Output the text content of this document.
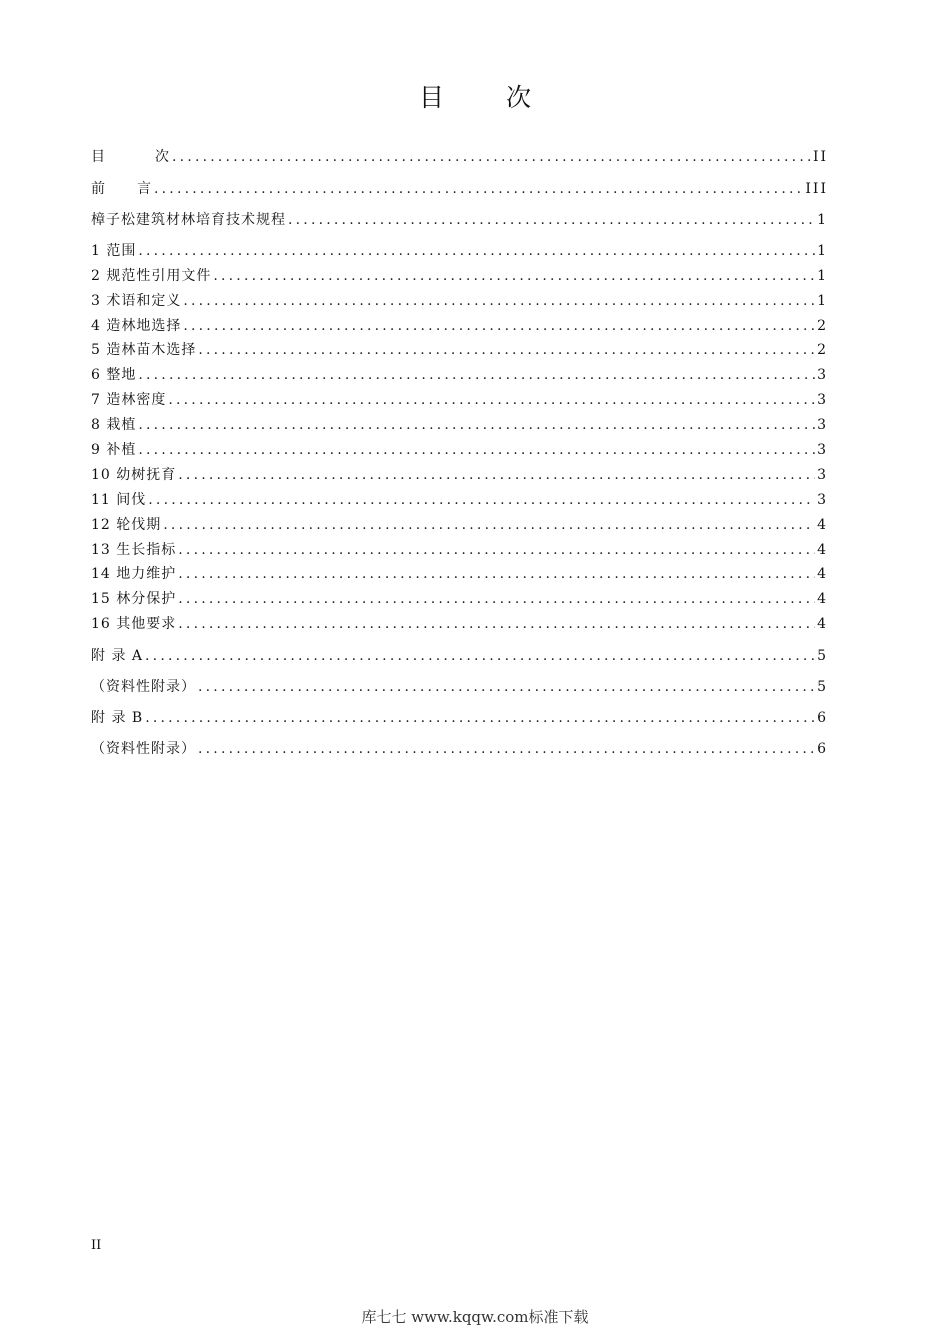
目 次
目	次 .....	II
前 言 .....	III
樟子松建筑材林培育技术规程 .....	1
1 范围 .....	1
2 规范性引用文件 .....	1
3 术语和定义 .....	1
4 造林地选择 .....	2
5 造林苗木选择 .....	2
6 整地 .....	3
7 造林密度 .....	3
8 栽植 .....	3
9 补植 .....	3
10 幼树抚育 .....	3
11 间伐 .....	3
12 轮伐期 .....	4
13 生长指标 .....	4
14 地力维护 .....	4
15 林分保护 .....	4
16 其他要求 .....	4
附 录 A .....	5
（资料性附录） .....	5
附 录 B .....	6
（资料性附录） .....	6
II
库七七 www.kqqw.com标准下载
